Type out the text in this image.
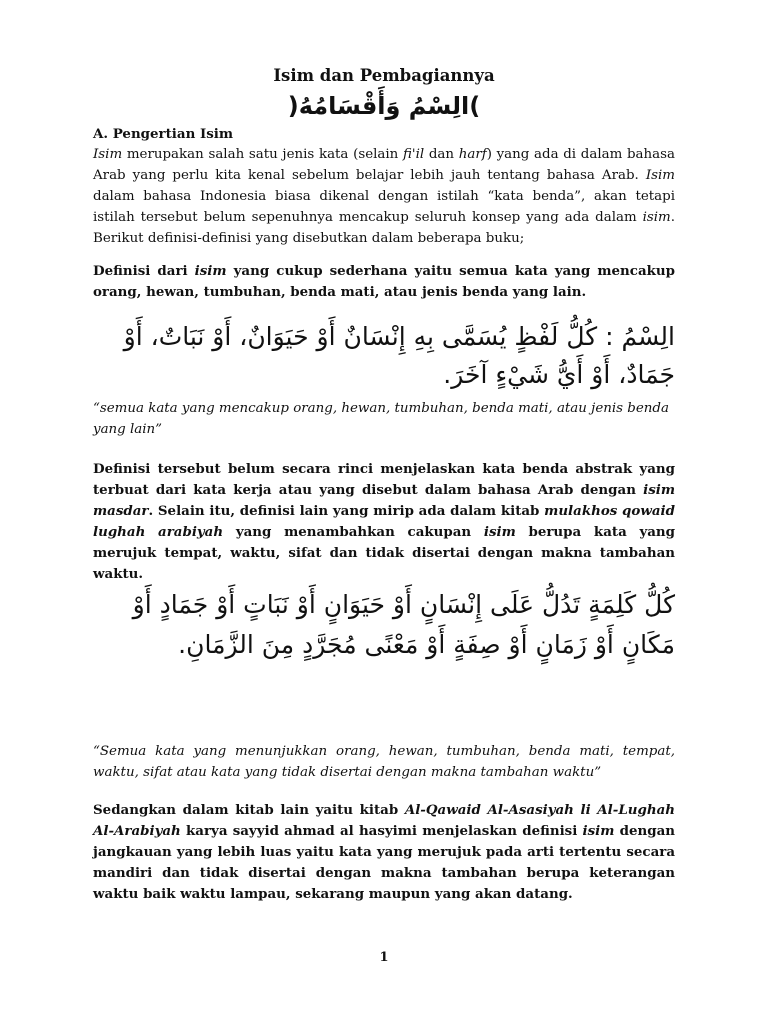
Isim dan Pembagiannya
)الِسْمُ وَأَقْسَامُهُ(
A. Pengertian Isim
Isim merupakan salah satu jenis kata (selain fi'il dan harf) yang ada di dalam bahasa Arab yang perlu kita kenal sebelum belajar lebih jauh tentang bahasa Arab. Isim dalam bahasa Indonesia biasa dikenal dengan istilah “kata benda”, akan tetapi istilah tersebut belum sepenuhnya mencakup seluruh konsep yang ada dalam isim. Berikut definisi-definisi yang disebutkan dalam beberapa buku;
Definisi dari isim yang cukup sederhana yaitu semua kata yang mencakup orang, hewan, tumbuhan, benda mati, atau jenis benda yang lain.
الِسْمُ : كُلُّ لَفْظٍ يُسَمَّى بِهِ إِنْسَانٌ أَوْ حَيَوَانٌ، أَوْ نَبَاتٌ، أَوْ جَمَادٌ، أَوْ أَيُّ شَيْءٍ آخَرَ.
“semua kata yang mencakup orang, hewan, tumbuhan, benda mati, atau jenis benda yang lain”
Definisi tersebut belum secara rinci menjelaskan kata benda abstrak yang terbuat dari kata kerja atau yang disebut dalam bahasa Arab dengan isim masdar. Selain itu, definisi lain yang mirip ada dalam kitab mulakhos qowaid lughah arabiyah yang menambahkan cakupan isim berupa kata yang merujuk tempat, waktu, sifat dan tidak disertai dengan makna tambahan waktu.
كُلُّ كَلِمَةٍ تَدُلُّ عَلَى إِنْسَانٍ أَوْ حَيَوَانٍ أَوْ نَبَاتٍ أَوْ جَمَادٍ أَوْ مَكَانٍ أَوْ زَمَانٍ أَوْ صِفَةٍ أَوْ مَعْنًى مُجَرَّدٍ مِنَ الزَّمَانِ.
“Semua kata yang menunjukkan orang, hewan, tumbuhan, benda mati, tempat, waktu, sifat atau kata yang tidak disertai dengan makna tambahan waktu”
Sedangkan dalam kitab lain yaitu kitab Al-Qawaid Al-Asasiyah li Al-Lughah Al-Arabiyah karya sayyid ahmad al hasyimi menjelaskan definisi isim dengan jangkauan yang lebih luas yaitu kata yang merujuk pada arti tertentu secara mandiri dan tidak disertai dengan makna tambahan berupa keterangan waktu baik waktu lampau, sekarang maupun yang akan datang.
1
